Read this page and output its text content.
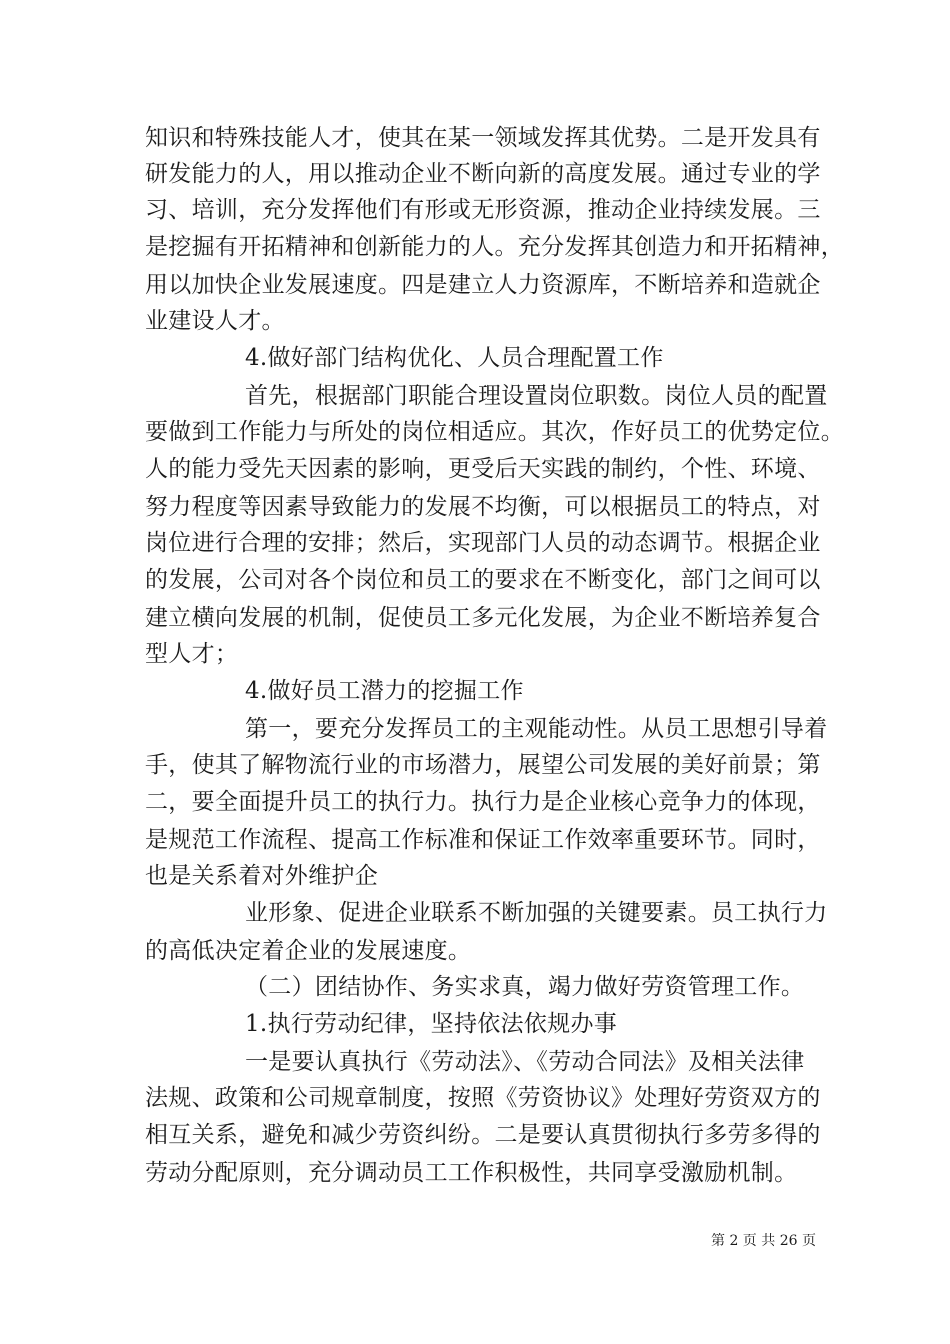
知识和特殊技能人才，使其在某一领域发挥其优势。二是开发具有
研发能力的人，用以推动企业不断向新的高度发展。通过专业的学
习、培训，充分发挥他们有形或无形资源，推动企业持续发展。三
是挖掘有开拓精神和创新能力的人。充分发挥其创造力和开拓精神，
用以加快企业发展速度。四是建立人力资源库，不断培养和造就企
业建设人才。
4.做好部门结构优化、人员合理配置工作
首先，根据部门职能合理设置岗位职数。岗位人员的配置
要做到工作能力与所处的岗位相适应。其次，作好员工的优势定位。
人的能力受先天因素的影响，更受后天实践的制约，个性、环境、
努力程度等因素导致能力的发展不均衡，可以根据员工的特点，对
岗位进行合理的安排；然后，实现部门人员的动态调节。根据企业
的发展，公司对各个岗位和员工的要求在不断变化，部门之间可以
建立横向发展的机制，促使员工多元化发展，为企业不断培养复合
型人才；
4.做好员工潜力的挖掘工作
第一，要充分发挥员工的主观能动性。从员工思想引导着
手，使其了解物流行业的市场潜力，展望公司发展的美好前景；第
二，要全面提升员工的执行力。执行力是企业核心竞争力的体现，
是规范工作流程、提高工作标准和保证工作效率重要环节。同时，
也是关系着对外维护企
业形象、促进企业联系不断加强的关键要素。员工执行力
的高低决定着企业的发展速度。
（二）团结协作、务实求真，竭力做好劳资管理工作。
1.执行劳动纪律，坚持依法依规办事
一是要认真执行《劳动法》、《劳动合同法》及相关法律
法规、政策和公司规章制度，按照《劳资协议》处理好劳资双方的
相互关系，避免和减少劳资纠纷。二是要认真贯彻执行多劳多得的
劳动分配原则，充分调动员工工作积极性，共同享受激励机制。
第 2 页 共 26 页
